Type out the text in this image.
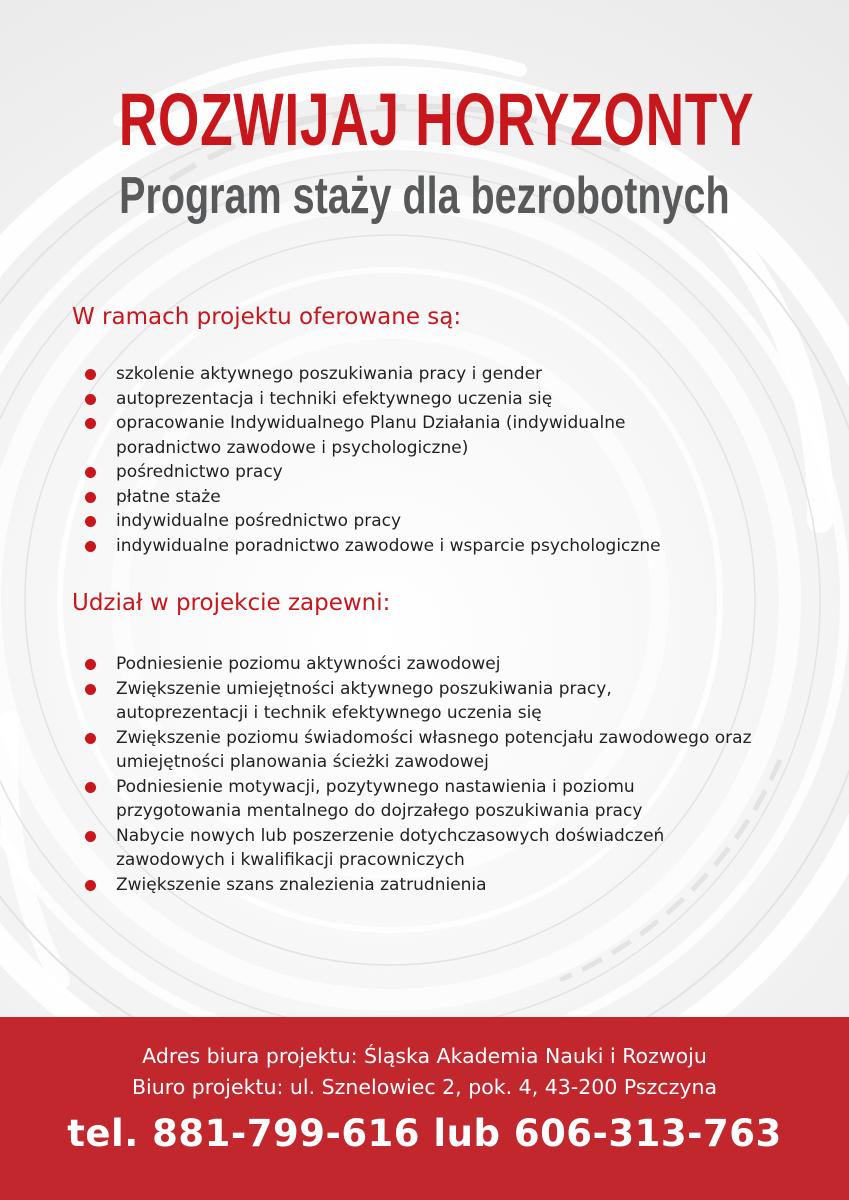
ROZWIJAJ HORYZONTY
Program staży dla bezrobotnych
W ramach projektu oferowane są:
szkolenie aktywnego poszukiwania pracy i gender
autoprezentacja i techniki efektywnego uczenia się
opracowanie Indywidualnego Planu Działania (indywidualne poradnictwo zawodowe i psychologiczne)
pośrednictwo pracy
płatne staże
indywidualne pośrednictwo pracy
indywidualne poradnictwo zawodowe i wsparcie psychologiczne
Udział w projekcie zapewni:
Podniesienie poziomu aktywności zawodowej
Zwiększenie umiejętności aktywnego poszukiwania pracy, autoprezentacji i technik efektywnego uczenia się
Zwiększenie poziomu świadomości własnego potencjału zawodowego oraz umiejętności planowania ścieżki zawodowej
Podniesienie motywacji, pozytywnego nastawienia i poziomu przygotowania mentalnego do dojrzałego poszukiwania pracy
Nabycie nowych lub poszerzenie dotychczasowych doświadczeń zawodowych i kwalifikacji pracowniczych
Zwiększenie szans znalezienia zatrudnienia
Adres biura projektu: Śląska Akademia Nauki i Rozwoju
Biuro projektu: ul. Sznelowiec 2, pok. 4, 43-200 Pszczyna
tel. 881-799-616 lub 606-313-763
